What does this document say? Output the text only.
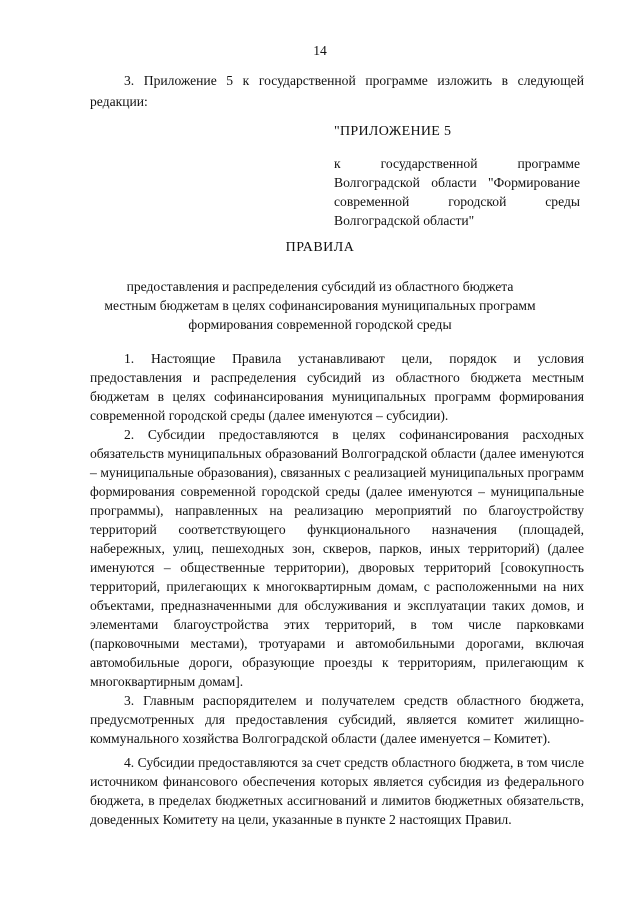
14

3. Приложение 5 к государственной программе изложить в следующей редакции:

"ПРИЛОЖЕНИЕ 5
к государственной программе Волгоградской области "Формирование современной городской среды Волгоградской области"
ПРАВИЛА
предоставления и распределения субсидий из областного бюджета местным бюджетам в целях софинансирования муниципальных программ формирования современной городской среды

1. Настоящие Правила устанавливают цели, порядок и условия предоставления и распределения субсидий из областного бюджета местным бюджетам в целях софинансирования муниципальных программ формирования современной городской среды (далее именуются – субсидии).

2. Субсидии предоставляются в целях софинансирования расходных обязательств муниципальных образований Волгоградской области (далее именуются – муниципальные образования), связанных с реализацией муниципальных программ формирования современной городской среды (далее именуются – муниципальные программы), направленных на реализацию мероприятий по благоустройству территорий соответствующего функционального назначения (площадей, набережных, улиц, пешеходных зон, скверов, парков, иных территорий) (далее именуются – общественные территории), дворовых территорий [совокупность территорий, прилегающих к многоквартирным домам, с расположенными на них объектами, предназначенными для обслуживания и эксплуатации таких домов, и элементами благоустройства этих территорий, в том числе парковками (парковочными местами), тротуарами и автомобильными дорогами, включая автомобильные дороги, образующие проезды к территориям, прилегающим к многоквартирным домам].

3. Главным распорядителем и получателем средств областного бюджета, предусмотренных для предоставления субсидий, является комитет жилищно-коммунального хозяйства Волгоградской области (далее именуется – Комитет).

4. Субсидии предоставляются за счет средств областного бюджета, в том числе источником финансового обеспечения которых является субсидия из федерального бюджета, в пределах бюджетных ассигнований и лимитов бюджетных обязательств, доведенных Комитету на цели, указанные в пункте 2 настоящих Правил.
